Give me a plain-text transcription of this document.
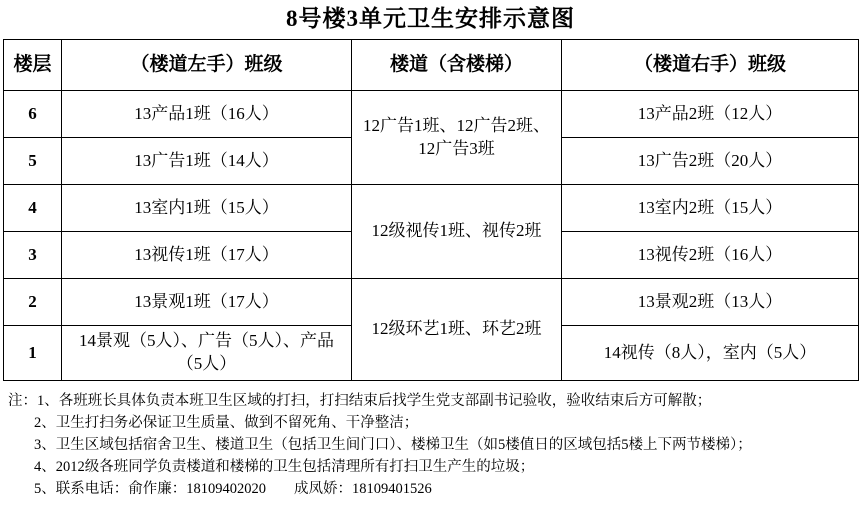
8号楼3单元卫生安排示意图
楼层	（楼道左手）班级	楼道（含楼梯）	（楼道右手）班级
6	13产品1班（16人）	12广告1班、12广告2班、12广告3班	13产品2班（12人）
5	13广告1班（14人）		13广告2班（20人）
4	13室内1班（15人）	12级视传1班、视传2班	13室内2班（15人）
3	13视传1班（17人）		13视传2班（16人）
2	13景观1班（17人）	12级环艺1班、环艺2班	13景观2班（13人）
1	14景观（5人）、广告（5人）、产品（5人）		14视传（8人），室内（5人）
注：1、各班班长具体负责本班卫生区域的打扫，打扫结束后找学生党支部副书记验收，验收结束后方可解散；
2、卫生打扫务必保证卫生质量、做到不留死角、干净整洁；
3、卫生区域包括宿舍卫生、楼道卫生（包括卫生间门口）、楼梯卫生（如5楼值日的区域包括5楼上下两节楼梯）；
4、2012级各班同学负责楼道和楼梯的卫生包括清理所有打扫卫生产生的垃圾；
5、联系电话：俞作廉：18109402020 成凤娇：18109401526
